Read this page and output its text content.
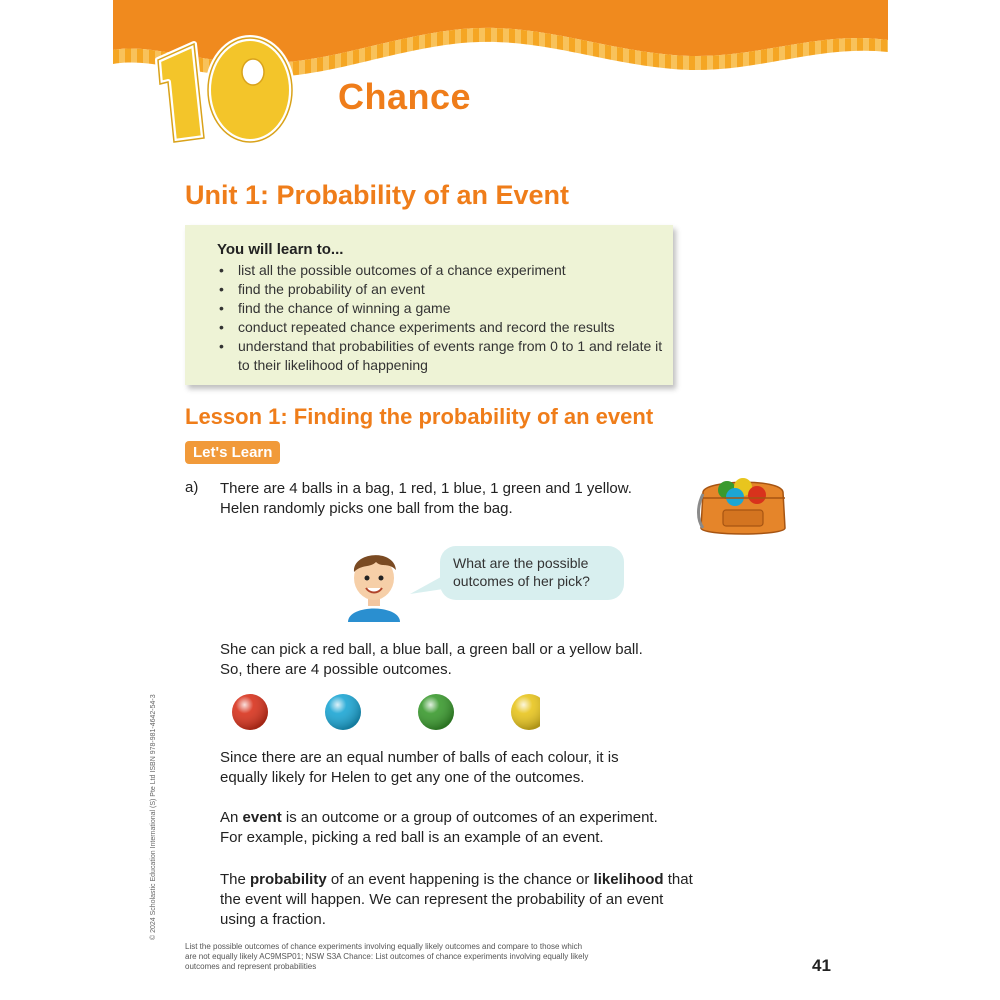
10
Chance
Unit 1: Probability of an Event
You will learn to...
• list all the possible outcomes of a chance experiment
• find the probability of an event
• find the chance of winning a game
• conduct repeated chance experiments and record the results
• understand that probabilities of events range from 0 to 1 and relate it to their likelihood of happening
Lesson 1: Finding the probability of an event
Let's Learn
a) There are 4 balls in a bag, 1 red, 1 blue, 1 green and 1 yellow.
Helen randomly picks one ball from the bag.
What are the possible
outcomes of her pick?
She can pick a red ball, a blue ball, a green ball or a yellow ball.
So, there are 4 possible outcomes.
Since there are an equal number of balls of each colour, it is
equally likely for Helen to get any one of the outcomes.
An event is an outcome or a group of outcomes of an experiment.
For example, picking a red ball is an example of an event.
The probability of an event happening is the chance or likelihood that
the event will happen. We can represent the probability of an event
using a fraction.
© 2024 Scholastic Education International (S) Pte Ltd ISBN 978-981-4642-54-3
List the possible outcomes of chance experiments involving equally likely outcomes and compare to those which
are not equally likely AC9MSP01; NSW S3A Chance: List outcomes of chance experiments involving equally likely
outcomes and represent probabilities	41
